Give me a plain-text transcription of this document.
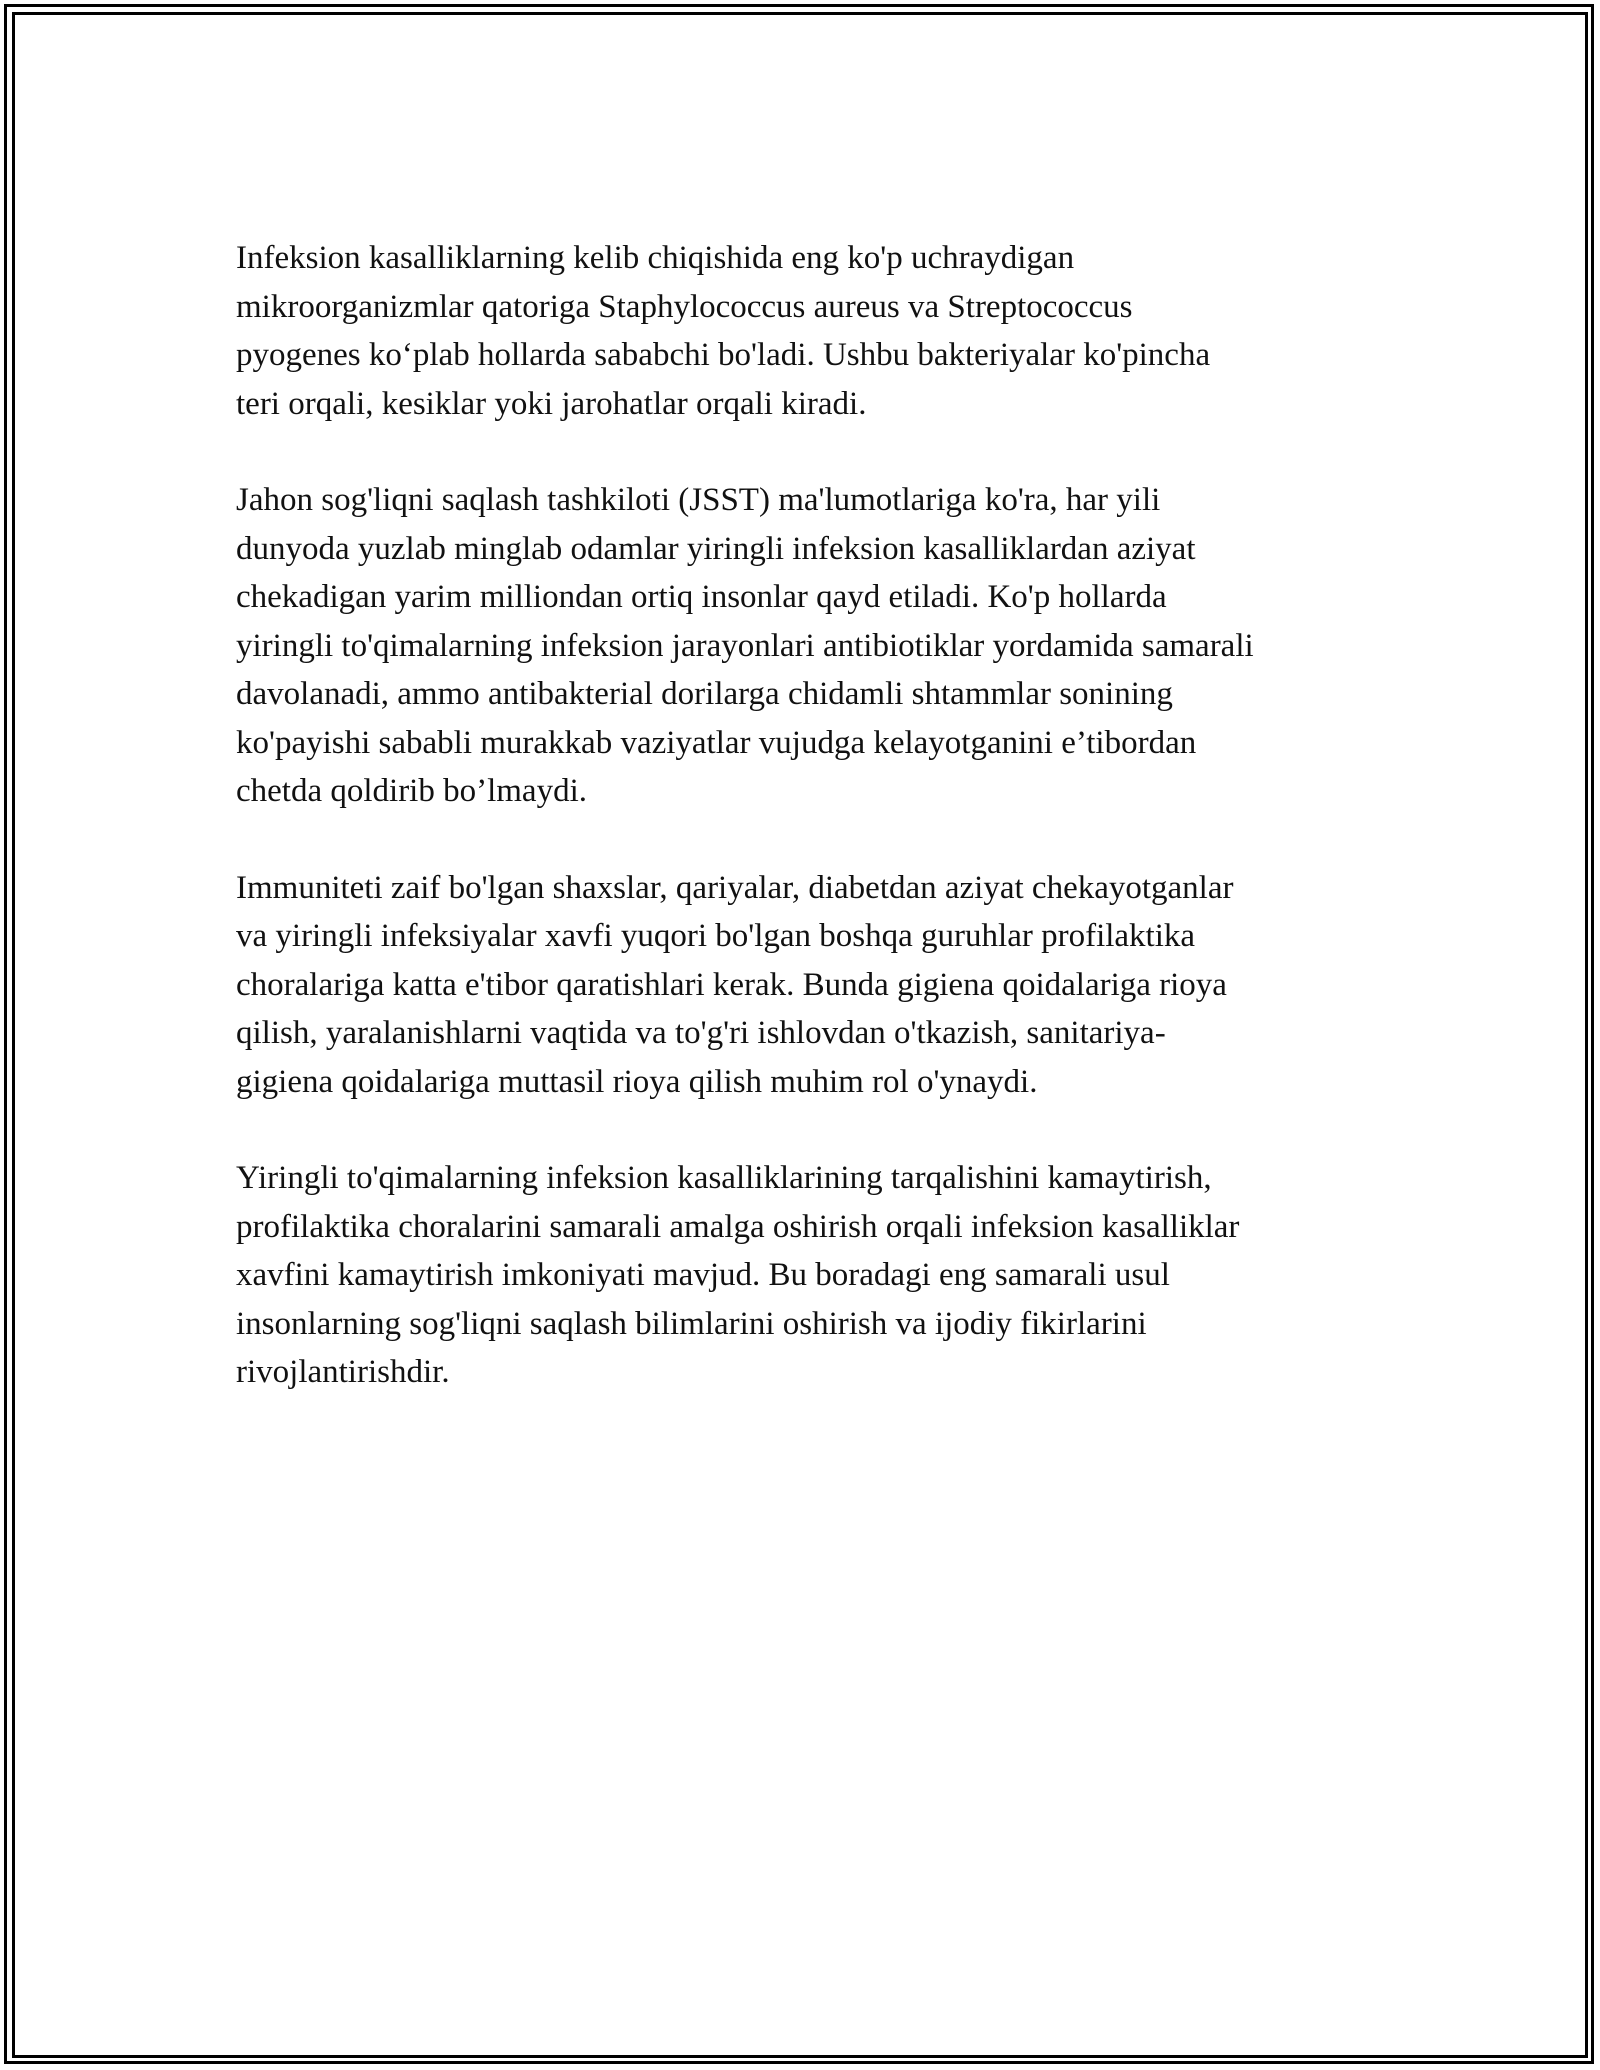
Infeksion kasalliklarning kelib chiqishida eng ko'p uchraydigan
mikroorganizmlar qatoriga Staphylococcus aureus va Streptococcus
pyogenes ko‘plab hollarda sababchi bo'ladi. Ushbu bakteriyalar ko'pincha
teri orqali, kesiklar yoki jarohatlar orqali kiradi.

Jahon sog'liqni saqlash tashkiloti (JSST) ma'lumotlariga ko'ra, har yili
dunyoda yuzlab minglab odamlar yiringli infeksion kasalliklardan aziyat
chekadigan yarim milliondan ortiq insonlar qayd etiladi. Ko'p hollarda
yiringli to'qimalarning infeksion jarayonlari antibiotiklar yordamida samarali
davolanadi, ammo antibakterial dorilarga chidamli shtammlar sonining
ko'payishi sababli murakkab vaziyatlar vujudga kelayotganini e’tibordan
chetda qoldirib bo’lmaydi.

Immuniteti zaif bo'lgan shaxslar, qariyalar, diabetdan aziyat chekayotganlar
va yiringli infeksiyalar xavfi yuqori bo'lgan boshqa guruhlar profilaktika
choralariga katta e'tibor qaratishlari kerak. Bunda gigiena qoidalariga rioya
qilish, yaralanishlarni vaqtida va to'g'ri ishlovdan o'tkazish, sanitariya-
gigiena qoidalariga muttasil rioya qilish muhim rol o'ynaydi.

Yiringli to'qimalarning infeksion kasalliklarining tarqalishini kamaytirish,
profilaktika choralarini samarali amalga oshirish orqali infeksion kasalliklar
xavfini kamaytirish imkoniyati mavjud. Bu boradagi eng samarali usul
insonlarning sog'liqni saqlash bilimlarini oshirish va ijodiy fikirlarini
rivojlantirishdir.
